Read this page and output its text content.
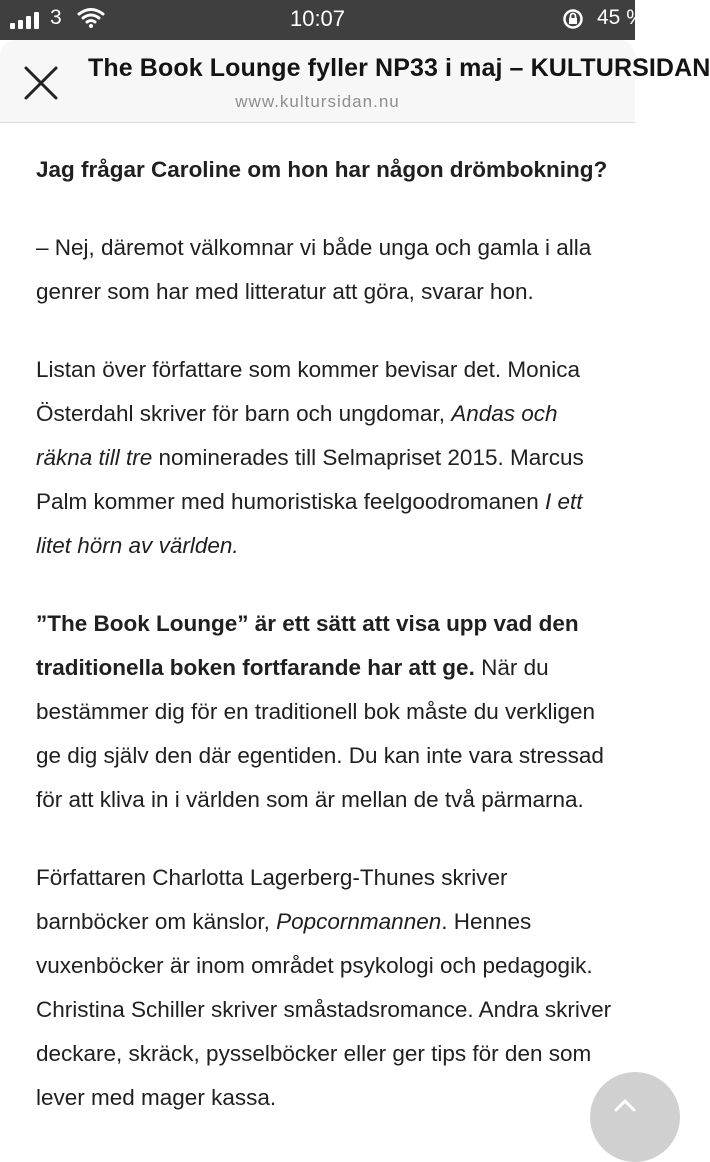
3	10:07	45 %
The Book Lounge fyller NP33 i maj – KULTURSIDAN
www.kultursidan.nu

Jag frågar Caroline om hon har någon drömbokning?

– Nej, däremot välkomnar vi både unga och gamla i alla
genrer som har med litteratur att göra, svarar hon.

Listan över författare som kommer bevisar det. Monica
Österdahl skriver för barn och ungdomar, Andas och
räkna till tre nominerades till Selmapriset 2015. Marcus
Palm kommer med humoristiska feelgoodromanen I ett
litet hörn av världen.

”The Book Lounge” är ett sätt att visa upp vad den
traditionella boken fortfarande har att ge. När du
bestämmer dig för en traditionell bok måste du verkligen
ge dig själv den där egentiden. Du kan inte vara stressad
för att kliva in i världen som är mellan de två pärmarna.

Författaren Charlotta Lagerberg-Thunes skriver
barnböcker om känslor, Popcornmannen. Hennes
vuxenböcker är inom området psykologi och pedagogik.
Christina Schiller skriver småstadsromance. Andra skriver
deckare, skräck, pysselböcker eller ger tips för den som
lever med mager kassa.
